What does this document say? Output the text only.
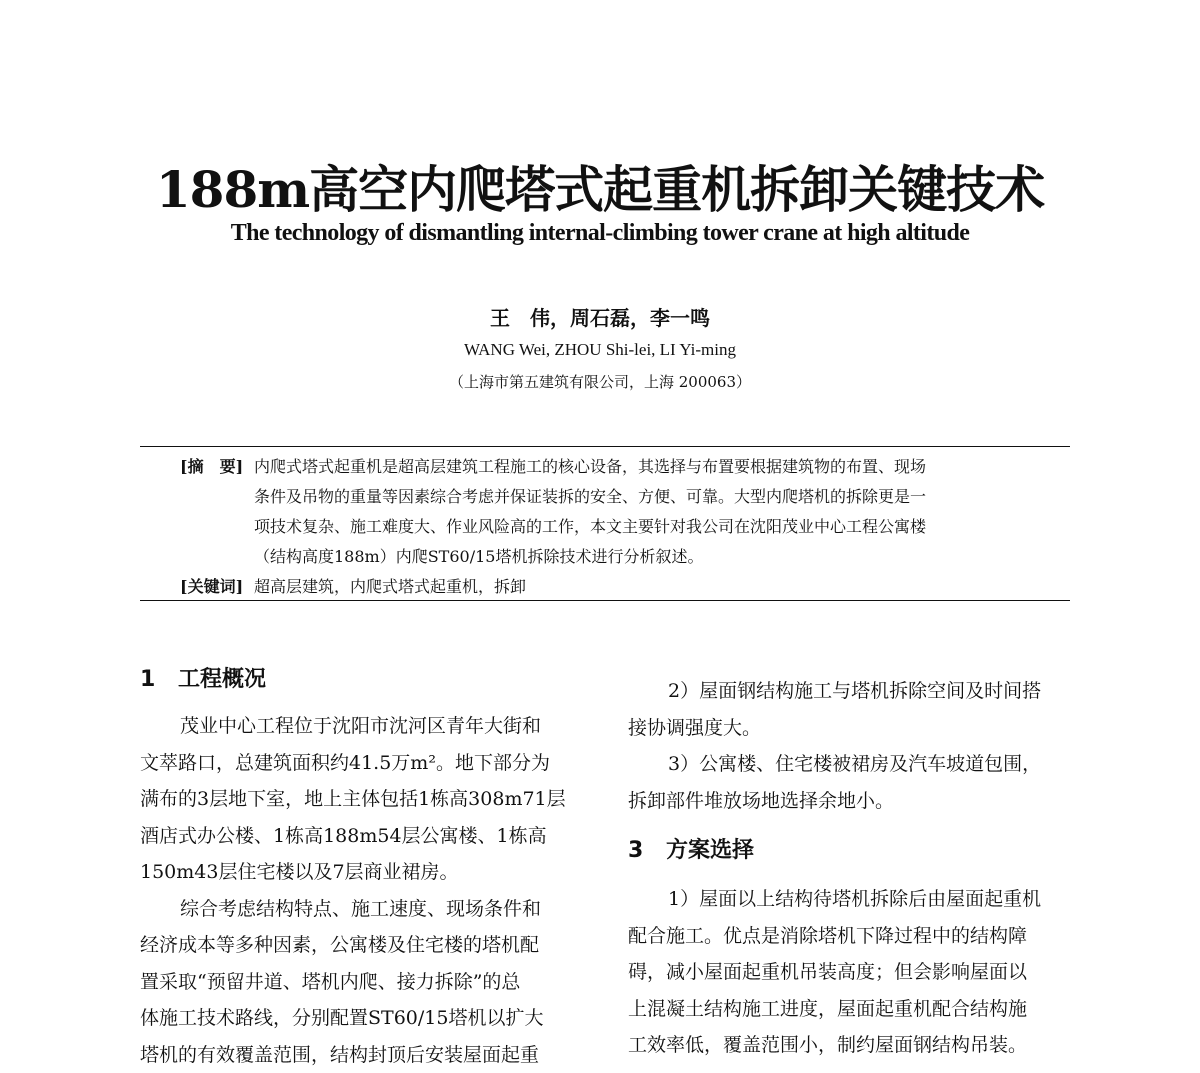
188m高空内爬塔式起重机拆卸关键技术
The technology of dismantling internal-climbing tower crane at high altitude
王　伟，周石磊，李一鸣
WANG Wei, ZHOU Shi-lei, LI Yi-ming
（上海市第五建筑有限公司，上海 200063）
[摘　要] 内爬式塔式起重机是超高层建筑工程施工的核心设备，其选择与布置要根据建筑物的布置、现场
条件及吊物的重量等因素综合考虑并保证装拆的安全、方便、可靠。大型内爬塔机的拆除更是一
项技术复杂、施工难度大、作业风险高的工作，本文主要针对我公司在沈阳茂业中心工程公寓楼
（结构高度188m）内爬ST60/15塔机拆除技术进行分析叙述。
[关键词] 超高层建筑，内爬式塔式起重机，拆卸
1 工程概况
茂业中心工程位于沈阳市沈河区青年大街和
文萃路口，总建筑面积约41.5万m²。地下部分为
满布的3层地下室，地上主体包括1栋高308m71层
酒店式办公楼、1栋高188m54层公寓楼、1栋高
150m43层住宅楼以及7层商业裙房。
综合考虑结构特点、施工速度、现场条件和
经济成本等多种因素，公寓楼及住宅楼的塔机配
置采取“预留井道、塔机内爬、接力拆除”的总
体施工技术路线，分别配置ST60/15塔机以扩大
塔机的有效覆盖范围，结构封顶后安装屋面起重
2）屋面钢结构施工与塔机拆除空间及时间搭
接协调强度大。
3）公寓楼、住宅楼被裙房及汽车坡道包围，
拆卸部件堆放场地选择余地小。
3 方案选择
1）屋面以上结构待塔机拆除后由屋面起重机
配合施工。优点是消除塔机下降过程中的结构障
碍，减小屋面起重机吊装高度；但会影响屋面以
上混凝土结构施工进度，屋面起重机配合结构施
工效率低，覆盖范围小，制约屋面钢结构吊装。
